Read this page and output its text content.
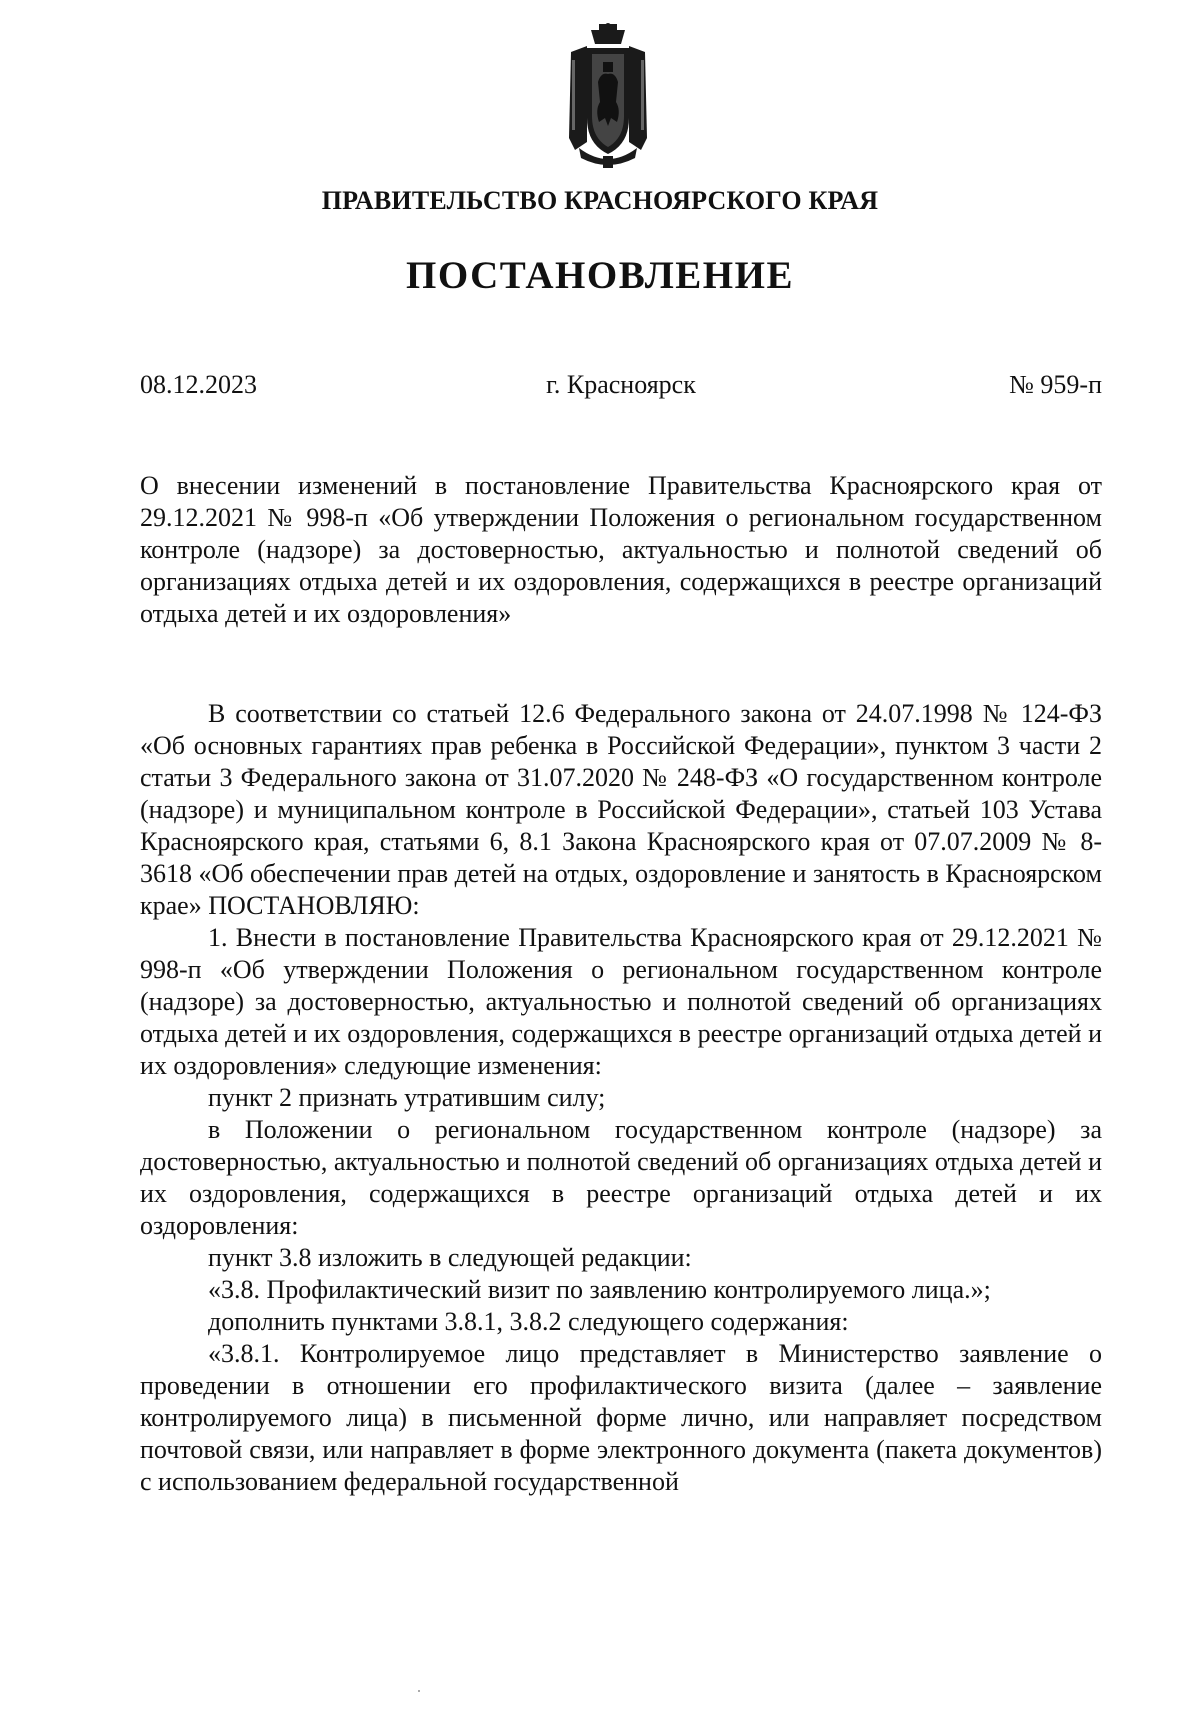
ПРАВИТЕЛЬСТВО КРАСНОЯРСКОГО КРАЯ
ПОСТАНОВЛЕНИЕ
08.12.2023	г. Красноярск	№ 959-п
О внесении изменений в постановление Правительства Красноярского края от 29.12.2021 № 998-п «Об утверждении Положения о региональном государственном контроле (надзоре) за достоверностью, актуальностью и полнотой сведений об организациях отдыха детей и их оздоровления, содержащихся в реестре организаций отдыха детей и их оздоровления»

В соответствии со статьей 12.6 Федерального закона от 24.07.1998 № 124-ФЗ «Об основных гарантиях прав ребенка в Российской Федерации», пунктом 3 части 2 статьи 3 Федерального закона от 31.07.2020 № 248-ФЗ «О государственном контроле (надзоре) и муниципальном контроле в Российской Федерации», статьей 103 Устава Красноярского края, статьями 6, 8.1 Закона Красноярского края от 07.07.2009 № 8-3618 «Об обеспечении прав детей на отдых, оздоровление и занятость в Красноярском крае» ПОСТАНОВЛЯЮ:

1. Внести в постановление Правительства Красноярского края от 29.12.2021 № 998-п «Об утверждении Положения о региональном государственном контроле (надзоре) за достоверностью, актуальностью и полнотой сведений об организациях отдыха детей и их оздоровления, содержащихся в реестре организаций отдыха детей и их оздоровления» следующие изменения:

пункт 2 признать утратившим силу;

в Положении о региональном государственном контроле (надзоре) за достоверностью, актуальностью и полнотой сведений об организациях отдыха детей и их оздоровления, содержащихся в реестре организаций отдыха детей и их оздоровления:

пункт 3.8 изложить в следующей редакции:

«3.8. Профилактический визит по заявлению контролируемого лица.»;

дополнить пунктами 3.8.1, 3.8.2 следующего содержания:

«3.8.1. Контролируемое лицо представляет в Министерство заявление о проведении в отношении его профилактического визита (далее – заявление контролируемого лица) в письменной форме лично, или направляет посредством почтовой связи, или направляет в форме электронного документа (пакета документов) с использованием федеральной государственной
